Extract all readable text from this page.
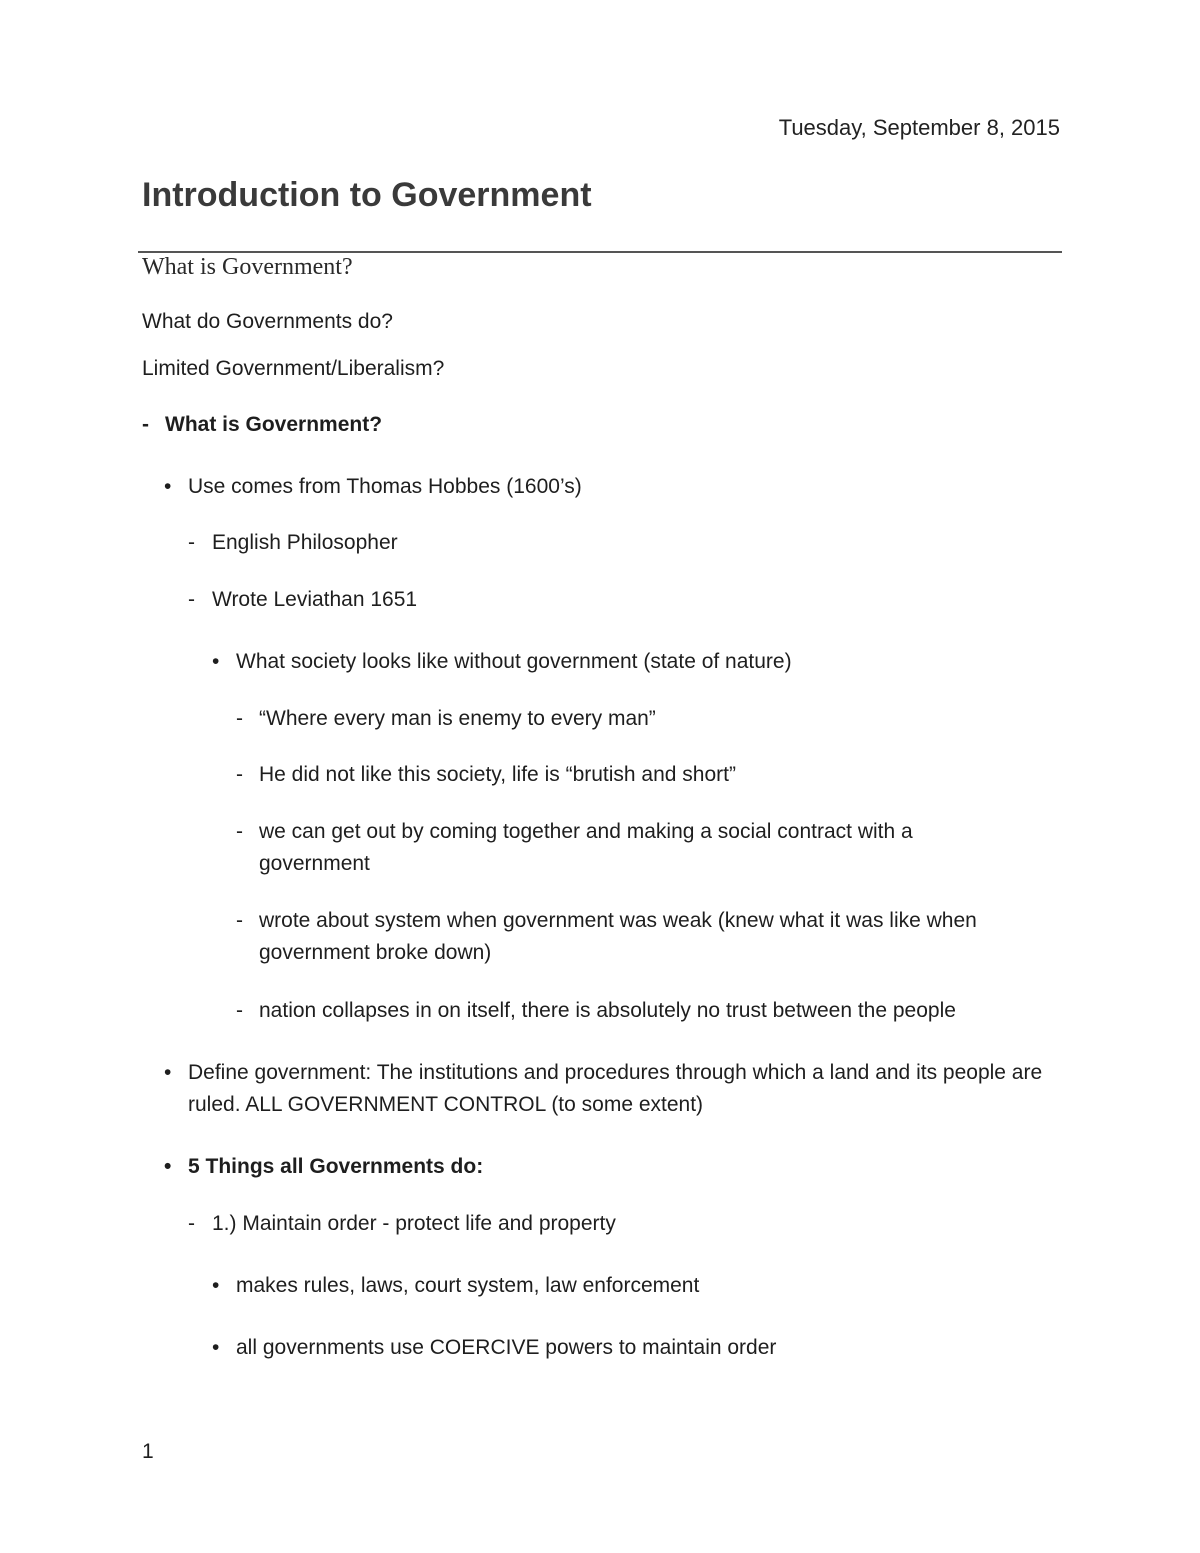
Tuesday, September 8, 2015
Introduction to Government
What is Government?
What do Governments do?
Limited Government/Liberalism?
- What is Government?
• Use comes from Thomas Hobbes (1600’s)
‐ English Philosopher
‐ Wrote Leviathan 1651
• What society looks like without government (state of nature)
‐ “Where every man is enemy to every man”
‐ He did not like this society, life is “brutish and short”
‐ we can get out by coming together and making a social contract with a government
‐ wrote about system when government was weak (knew what it was like when government broke down)
‐ nation collapses in on itself, there is absolutely no trust between the people
• Define government: The institutions and procedures through which a land and its people are ruled. ALL GOVERNMENT CONTROL (to some extent)
• 5 Things all Governments do:
‐ 1.) Maintain order - protect life and property
• makes rules, laws, court system, law enforcement
• all governments use COERCIVE powers to maintain order
1
